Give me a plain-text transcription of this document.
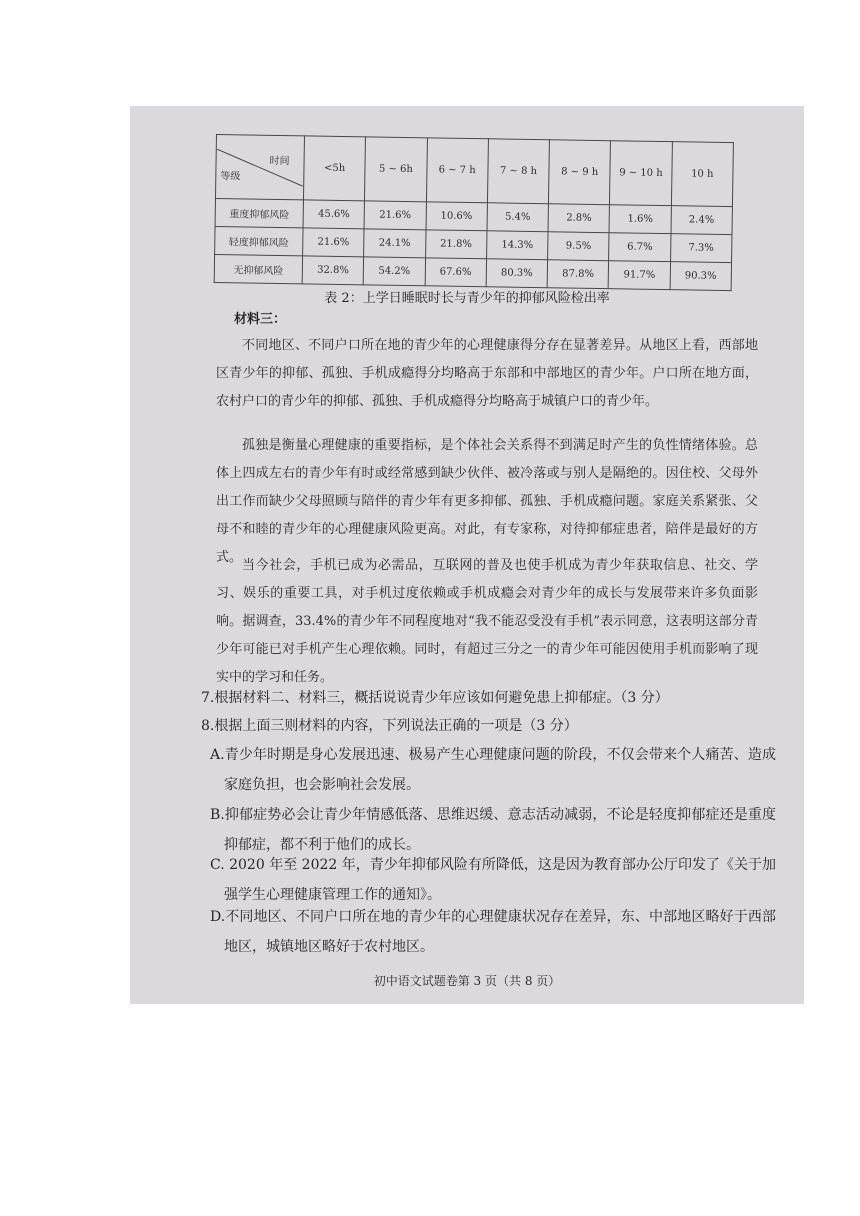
时间
等级	<5h	5 ~ 6h	6 ~ 7 h	7 ~ 8 h	8 ~ 9 h	9 ~ 10 h	10 h
重度抑郁风险	45.6%	21.6%	10.6%	5.4%	2.8%	1.6%	2.4%
轻度抑郁风险	21.6%	24.1%	21.8%	14.3%	9.5%	6.7%	7.3%
无抑郁风险	32.8%	54.2%	67.6%	80.3%	87.8%	91.7%	90.3%
表 2：上学日睡眠时长与青少年的抑郁风险检出率
材料三：

不同地区、不同户口所在地的青少年的心理健康得分存在显著差异。从地区上看，西部地区青少年的抑郁、孤独、手机成瘾得分均略高于东部和中部地区的青少年。户口所在地方面，农村户口的青少年的抑郁、孤独、手机成瘾得分均略高于城镇户口的青少年。

孤独是衡量心理健康的重要指标，是个体社会关系得不到满足时产生的负性情绪体验。总体上四成左右的青少年有时或经常感到缺少伙伴、被冷落或与别人是隔绝的。因住校、父母外出工作而缺少父母照顾与陪伴的青少年有更多抑郁、孤独、手机成瘾问题。家庭关系紧张、父母不和睦的青少年的心理健康风险更高。对此，有专家称，对待抑郁症患者，陪伴是最好的方式。

当今社会，手机已成为必需品，互联网的普及也使手机成为青少年获取信息、社交、学习、娱乐的重要工具，对手机过度依赖或手机成瘾会对青少年的成长与发展带来许多负面影响。据调查，33.4%的青少年不同程度地对“我不能忍受没有手机”表示同意，这表明这部分青少年可能已对手机产生心理依赖。同时，有超过三分之一的青少年可能因使用手机而影响了现实中的学习和任务。

7.根据材料二、材料三，概括说说青少年应该如何避免患上抑郁症。（3 分）

8.根据上面三则材料的内容，下列说法正确的一项是（3 分）

A.青少年时期是身心发展迅速、极易产生心理健康问题的阶段，不仅会带来个人痛苦、造成家庭负担，也会影响社会发展。

B.抑郁症势必会让青少年情感低落、思维迟缓、意志活动减弱，不论是轻度抑郁症还是重度抑郁症，都不利于他们的成长。

C. 2020 年至 2022 年，青少年抑郁风险有所降低，这是因为教育部办公厅印发了《关于加强学生心理健康管理工作的通知》。

D.不同地区、不同户口所在地的青少年的心理健康状况存在差异，东、中部地区略好于西部地区，城镇地区略好于农村地区。

初中语文试题卷第 3 页（共 8 页）
